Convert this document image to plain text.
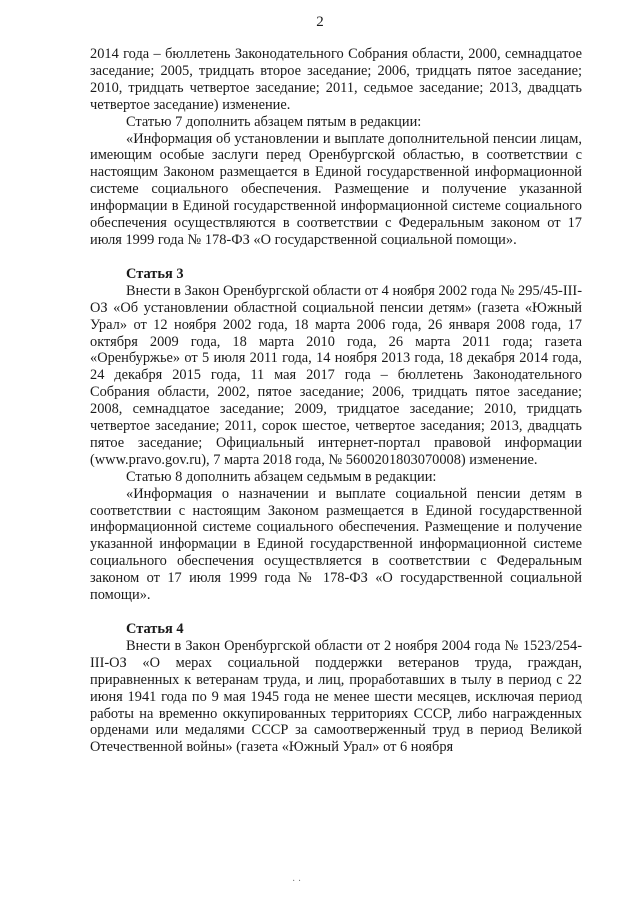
2

2014 года – бюллетень Законодательного Собрания области, 2000, семнадцатое заседание; 2005, тридцать второе заседание; 2006, тридцать пятое заседание; 2010, тридцать четвертое заседание; 2011, седьмое заседание; 2013, двадцать четвертое заседание) изменение.

Статью 7 дополнить абзацем пятым в редакции:

«Информация об установлении и выплате дополнительной пенсии лицам, имеющим особые заслуги перед Оренбургской областью, в соответствии с настоящим Законом размещается в Единой государственной информационной системе социального обеспечения. Размещение и получение указанной информации в Единой государственной информационной системе социального обеспечения осуществляются в соответствии с Федеральным законом от 17 июля 1999 года № 178-ФЗ «О государственной социальной помощи».

Статья 3

Внести в Закон Оренбургской области от 4 ноября 2002 года № 295/45-III-ОЗ «Об установлении областной социальной пенсии детям» (газета «Южный Урал» от 12 ноября 2002 года, 18 марта 2006 года, 26 января 2008 года, 17 октября 2009 года, 18 марта 2010 года, 26 марта 2011 года; газета «Оренбуржье» от 5 июля 2011 года, 14 ноября 2013 года, 18 декабря 2014 года, 24 декабря 2015 года, 11 мая 2017 года – бюллетень Законодательного Собрания области, 2002, пятое заседание; 2006, тридцать пятое заседание; 2008, семнадцатое заседание; 2009, тридцатое заседание; 2010, тридцать четвертое заседание; 2011, сорок шестое, четвертое заседания; 2013, двадцать пятое заседание; Официальный интернет-портал правовой информации (www.pravo.gov.ru), 7 марта 2018 года, № 5600201803070008) изменение.

Статью 8 дополнить абзацем седьмым в редакции:

«Информация о назначении и выплате социальной пенсии детям в соответствии с настоящим Законом размещается в Единой государственной информационной системе социального обеспечения. Размещение и получение указанной информации в Единой государственной информационной системе социального обеспечения осуществляется в соответствии с Федеральным законом от 17 июля 1999 года № 178-ФЗ «О государственной социальной помощи».

Статья 4

Внести в Закон Оренбургской области от 2 ноября 2004 года № 1523/254-III-ОЗ «О мерах социальной поддержки ветеранов труда, граждан, приравненных к ветеранам труда, и лиц, проработавших в тылу в период с 22 июня 1941 года по 9 мая 1945 года не менее шести месяцев, исключая период работы на временно оккупированных территориях СССР, либо награжденных орденами или медалями СССР за самоотверженный труд в период Великой Отечественной войны» (газета «Южный Урал» от 6 ноября

· ·
